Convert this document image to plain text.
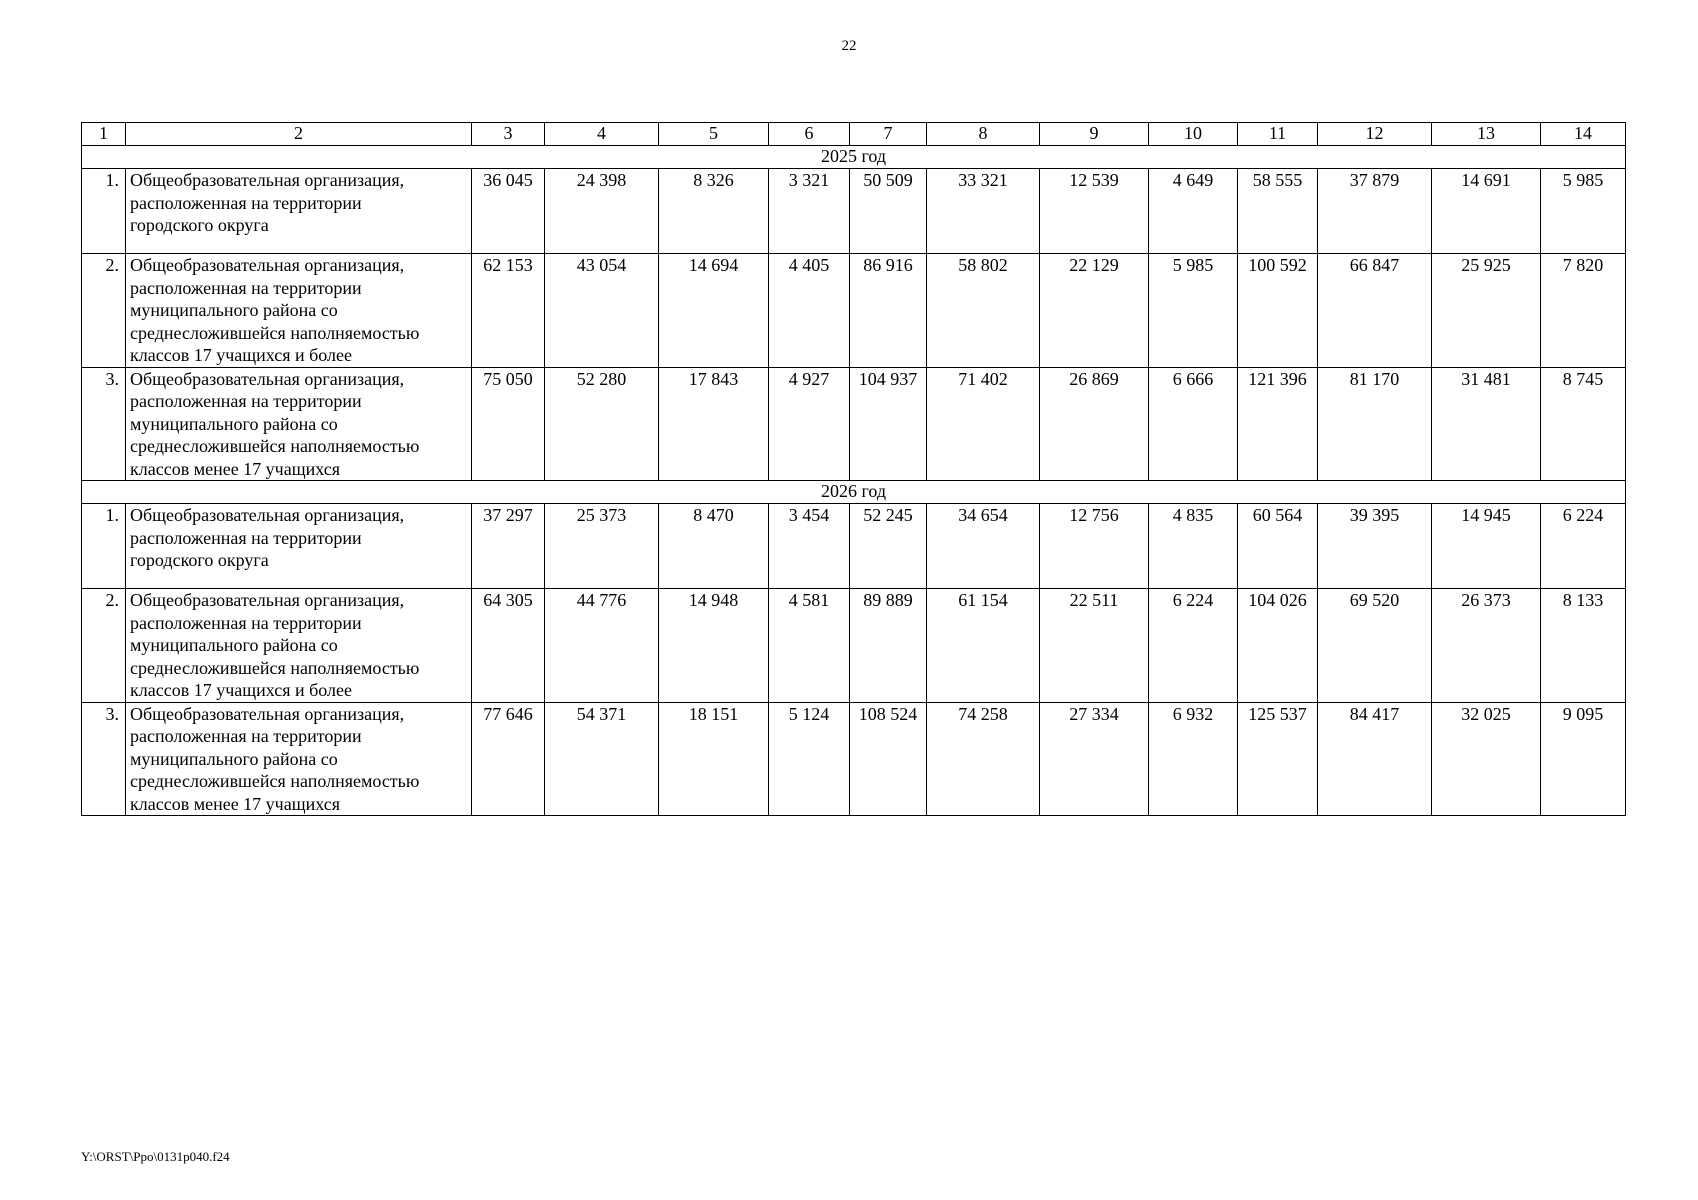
22
1	2	3	4	5	6	7	8	9	10	11	12	13	14
2025 год													
1.	Общеобразовательная организация,
расположенная на территории
городского округа	36 045	24 398	8 326	3 321	50 509	33 321	12 539	4 649	58 555	37 879	14 691	5 985
2.	Общеобразовательная организация,
расположенная на территории
муниципального района со
среднесложившейся наполняемостью
классов 17 учащихся и более	62 153	43 054	14 694	4 405	86 916	58 802	22 129	5 985	100 592	66 847	25 925	7 820
3.	Общеобразовательная организация,
расположенная на территории
муниципального района со
среднесложившейся наполняемостью
классов менее 17 учащихся	75 050	52 280	17 843	4 927	104 937	71 402	26 869	6 666	121 396	81 170	31 481	8 745
2026 год													
1.	Общеобразовательная организация,
расположенная на территории
городского округа	37 297	25 373	8 470	3 454	52 245	34 654	12 756	4 835	60 564	39 395	14 945	6 224
2.	Общеобразовательная организация,
расположенная на территории
муниципального района со
среднесложившейся наполняемостью
классов 17 учащихся и более	64 305	44 776	14 948	4 581	89 889	61 154	22 511	6 224	104 026	69 520	26 373	8 133
3.	Общеобразовательная организация,
расположенная на территории
муниципального района со
среднесложившейся наполняемостью
классов менее 17 учащихся	77 646	54 371	18 151	5 124	108 524	74 258	27 334	6 932	125 537	84 417	32 025	9 095
Y:\ORST\Ppo\0131p040.f24
